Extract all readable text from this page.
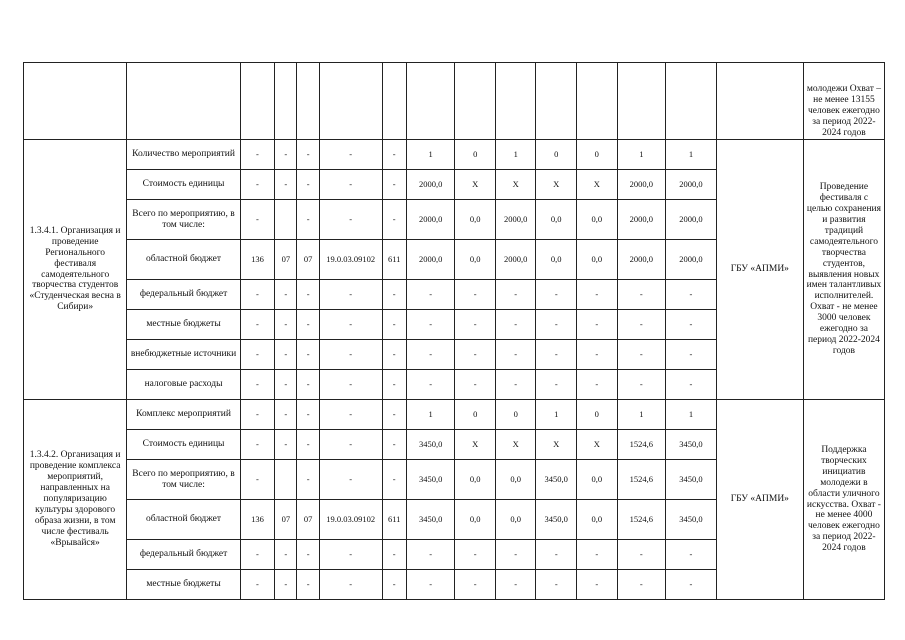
															молодежи Охват – не менее 13155 человек ежегодно за период 2022-2024 годов
1.3.4.1. Организация и проведение Регионального фестиваля самодеятельного творчества студентов «Студенческая весна в Сибири»	Количество мероприятий	-	-	-	-	-	1	0	1	0	0	1	1	ГБУ «АПМИ»	Проведение фестиваля с целью сохранения и развития традиций самодеятельного творчества студентов, выявления новых имен талантливых исполнителей. Охват - не менее 3000 человек ежегодно за период 2022-2024 годов
	Стоимость единицы	-	-	-	-	-	2000,0	Х	Х	Х	Х	2000,0	2000,0		
	Всего по мероприятию, в том числе:	-		-	-	-	2000,0	0,0	2000,0	0,0	0,0	2000,0	2000,0		
	областной бюджет	136	07	07	19.0.03.09102	611	2000,0	0,0	2000,0	0,0	0,0	2000,0	2000,0		
	федеральный бюджет	-	-	-	-	-	-	-	-	-	-	-	-		
	местные бюджеты	-	-	-	-	-	-	-	-	-	-	-	-		
	внебюджетные источники	-	-	-	-	-	-	-	-	-	-	-	-		
	налоговые расходы	-	-	-	-	-	-	-	-	-	-	-	-		
1.3.4.2. Организация и проведение комплекса мероприятий, направленных на популяризацию культуры здорового образа жизни, в том числе фестиваль «Врывайся»	Комплекс мероприятий	-	-	-	-	-	1	0	0	1	0	1	1	ГБУ «АПМИ»	Поддержка творческих инициатив молодежи в области уличного искусства. Охват - не менее 4000 человек ежегодно за период 2022-2024 годов
	Стоимость единицы	-	-	-	-	-	3450,0	Х	Х	Х	Х	1524,6	3450,0		
	Всего по мероприятию, в том числе:	-		-	-	-	3450,0	0,0	0,0	3450,0	0,0	1524,6	3450,0		
	областной бюджет	136	07	07	19.0.03.09102	611	3450,0	0,0	0,0	3450,0	0,0	1524,6	3450,0		
	федеральный бюджет	-	-	-	-	-	-	-	-	-	-	-	-		
	местные бюджеты	-	-	-	-	-	-	-	-	-	-	-	-		
